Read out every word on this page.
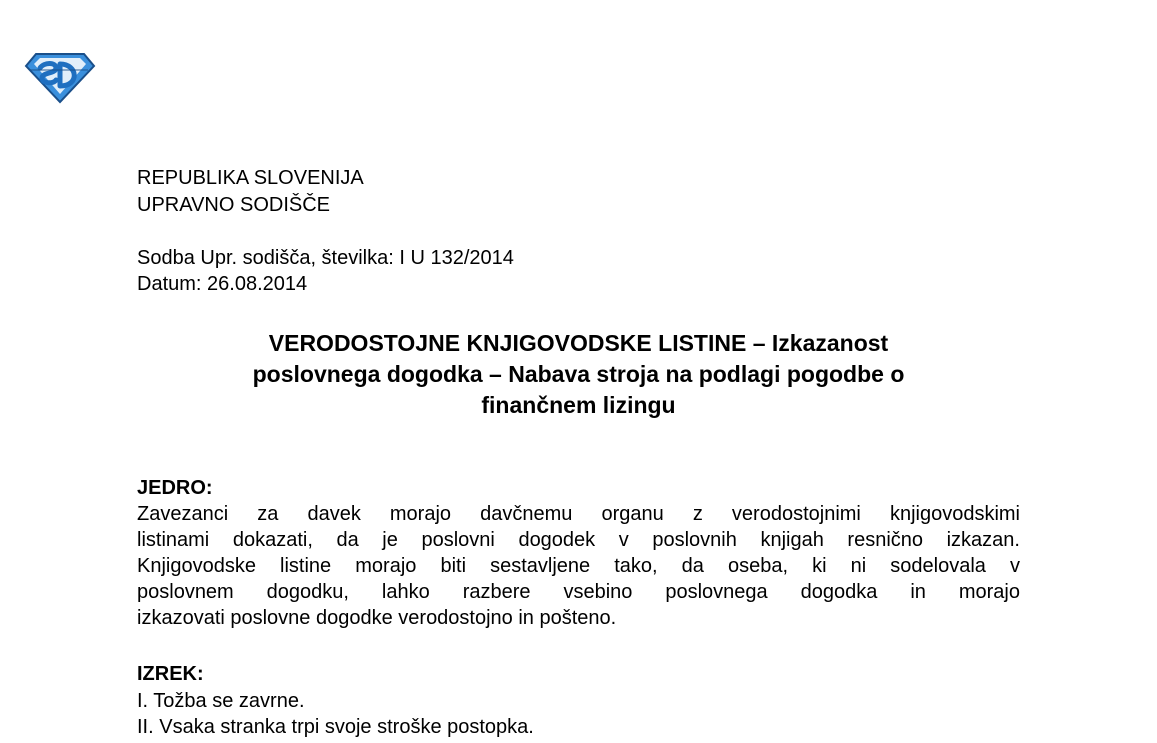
REPUBLIKA SLOVENIJA
UPRAVNO SODIŠČE
Sodba Upr. sodišča, številka: I U 132/2014
Datum: 26.08.2014
VERODOSTOJNE KNJIGOVODSKE LISTINE – Izkazanost
poslovnega dogodka – Nabava stroja na podlagi pogodbe o
finančnem lizingu
JEDRO:
Zavezanci za davek morajo davčnemu organu z verodostojnimi knjigovodskimi
listinami dokazati, da je poslovni dogodek v poslovnih knjigah resnično izkazan.
Knjigovodske listine morajo biti sestavljene tako, da oseba, ki ni sodelovala v
poslovnem dogodku, lahko razbere vsebino poslovnega dogodka in morajo
izkazovati poslovne dogodke verodostojno in pošteno.
IZREK:
I. Tožba se zavrne.
II. Vsaka stranka trpi svoje stroške postopka.
